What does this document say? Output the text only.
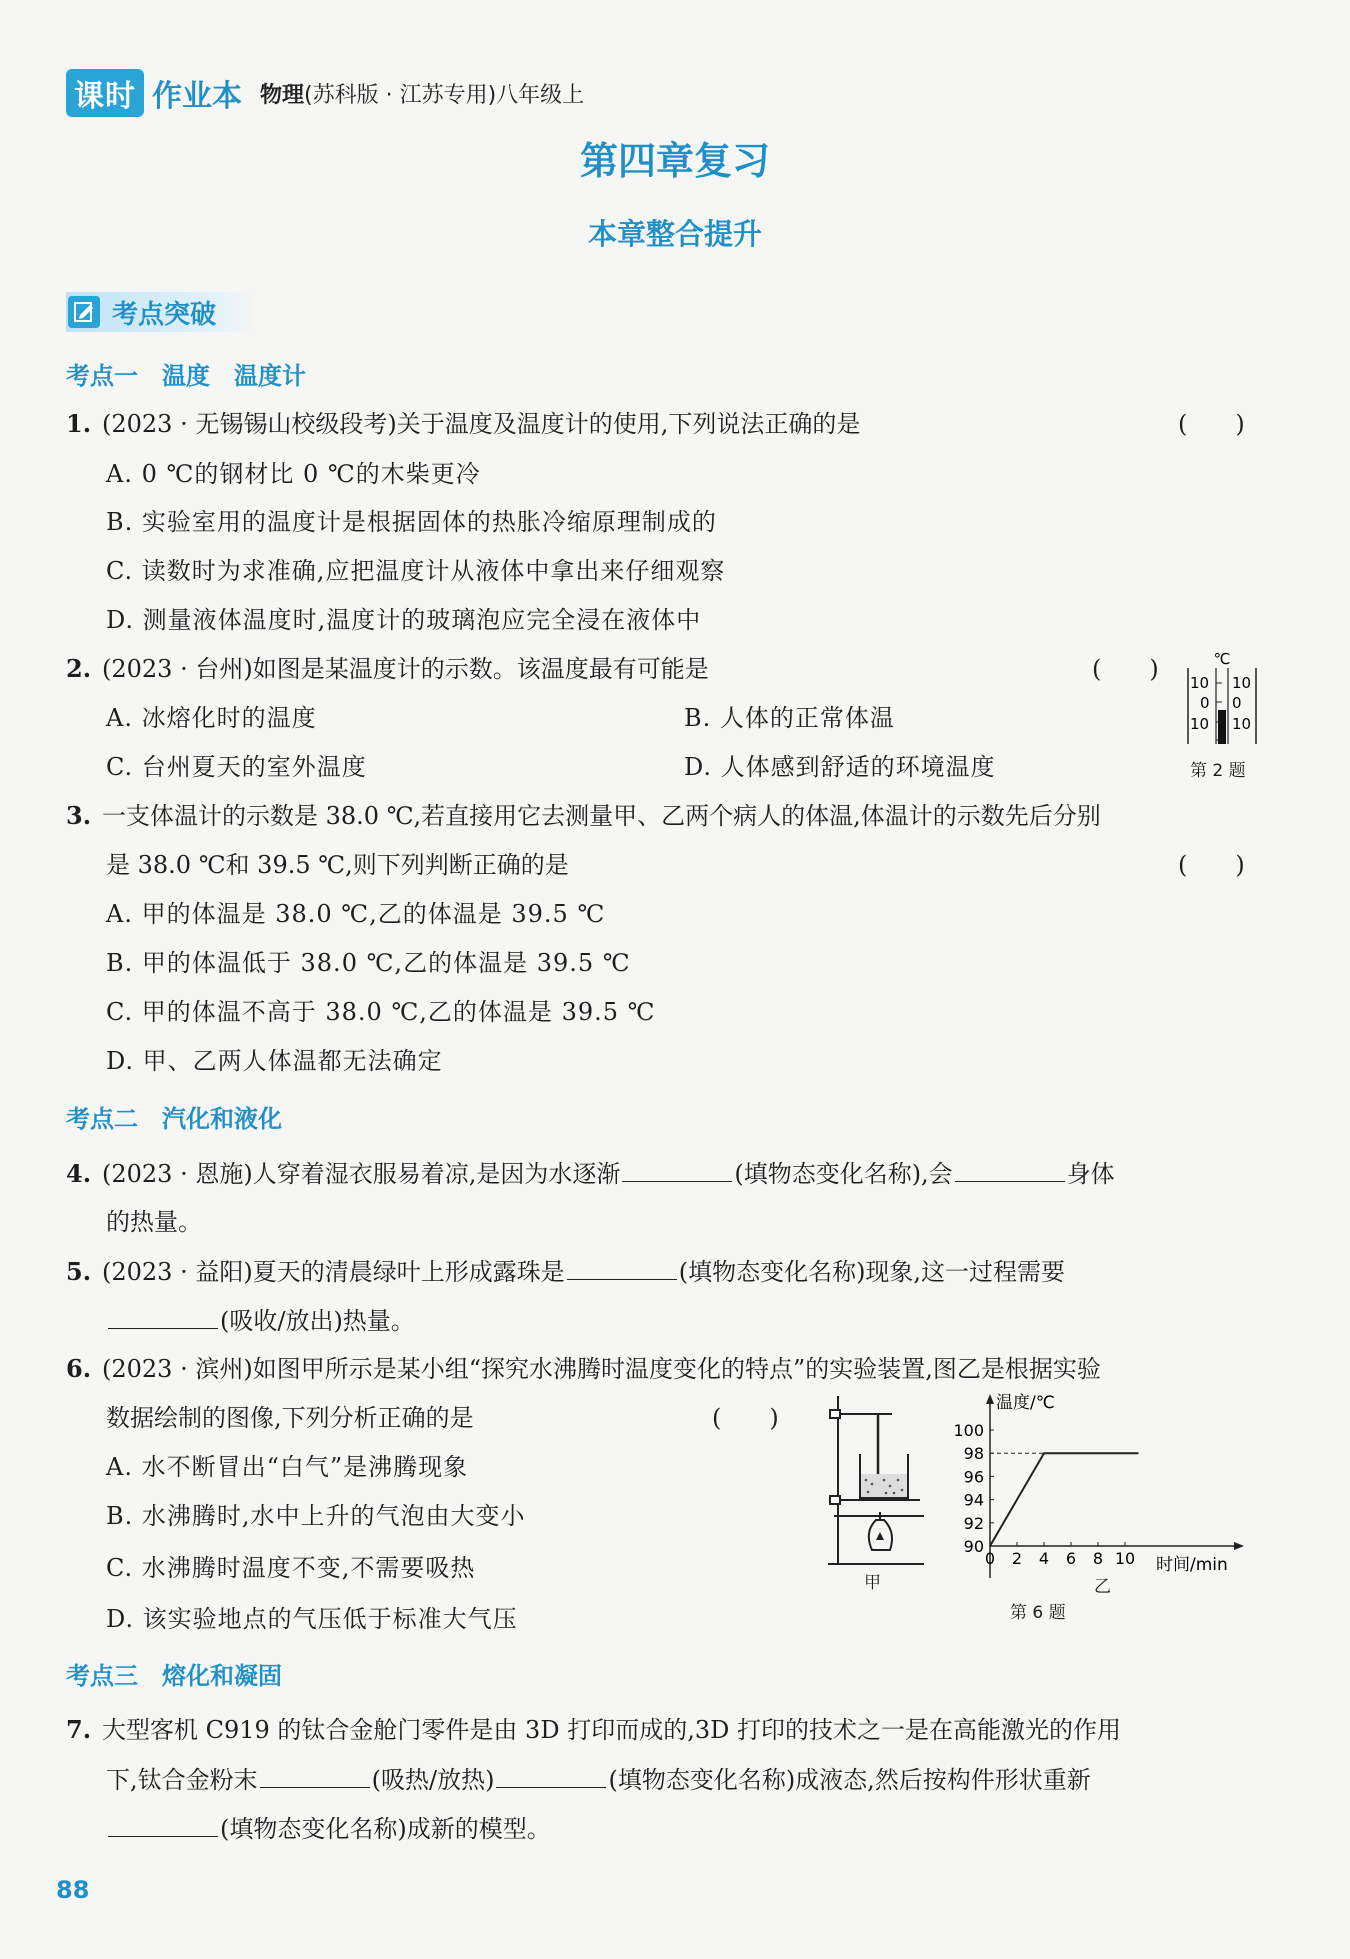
课时 作业本 物理(苏科版 · 江苏专用)八年级上
第四章复习
本章整合提升
考点突破
考点一　温度　温度计
1. (2023 · 无锡锡山校级段考)关于温度及温度计的使用,下列说法正确的是	(　　)
A. 0 ℃的钢材比 0 ℃的木柴更冷
B. 实验室用的温度计是根据固体的热胀冷缩原理制成的
C. 读数时为求准确,应把温度计从液体中拿出来仔细观察
D. 测量液体温度时,温度计的玻璃泡应完全浸在液体中
2. (2023 · 台州)如图是某温度计的示数。该温度最有可能是	(　　)
A. 冰熔化时的温度	B. 人体的正常体温
C. 台州夏天的室外温度	D. 人体感到舒适的环境温度
℃
10
0
10
10
0
10
第 2 题
3. 一支体温计的示数是 38.0 ℃,若直接用它去测量甲、乙两个病人的体温,体温计的示数先后分别
是 38.0 ℃和 39.5 ℃,则下列判断正确的是	(　　)
A. 甲的体温是 38.0 ℃,乙的体温是 39.5 ℃
B. 甲的体温低于 38.0 ℃,乙的体温是 39.5 ℃
C. 甲的体温不高于 38.0 ℃,乙的体温是 39.5 ℃
D. 甲、乙两人体温都无法确定
考点二　汽化和液化
4. (2023 · 恩施)人穿着湿衣服易着凉,是因为水逐渐	(填物态变化名称),会	身体
的热量。
5. (2023 · 益阳)夏天的清晨绿叶上形成露珠是	(填物态变化名称)现象,这一过程需要
(吸收/放出)热量。
6. (2023 · 滨州)如图甲所示是某小组“探究水沸腾时温度变化的特点”的实验装置,图乙是根据实验
数据绘制的图像,下列分析正确的是	(　　)
A. 水不断冒出“白气”是沸腾现象
B. 水沸腾时,水中上升的气泡由大变小
C. 水沸腾时温度不变,不需要吸热
D. 该实验地点的气压低于标准大气压
甲
温度/℃
时间/min
0 2 4 6 8 10
90
92
94
96
98
100
乙
第 6 题
考点三　熔化和凝固
7. 大型客机 C919 的钛合金舱门零件是由 3D 打印而成的,3D 打印的技术之一是在高能激光的作用
下,钛合金粉末	(吸热/放热)	(填物态变化名称)成液态,然后按构件形状重新
(填物态变化名称)成新的模型。
88
